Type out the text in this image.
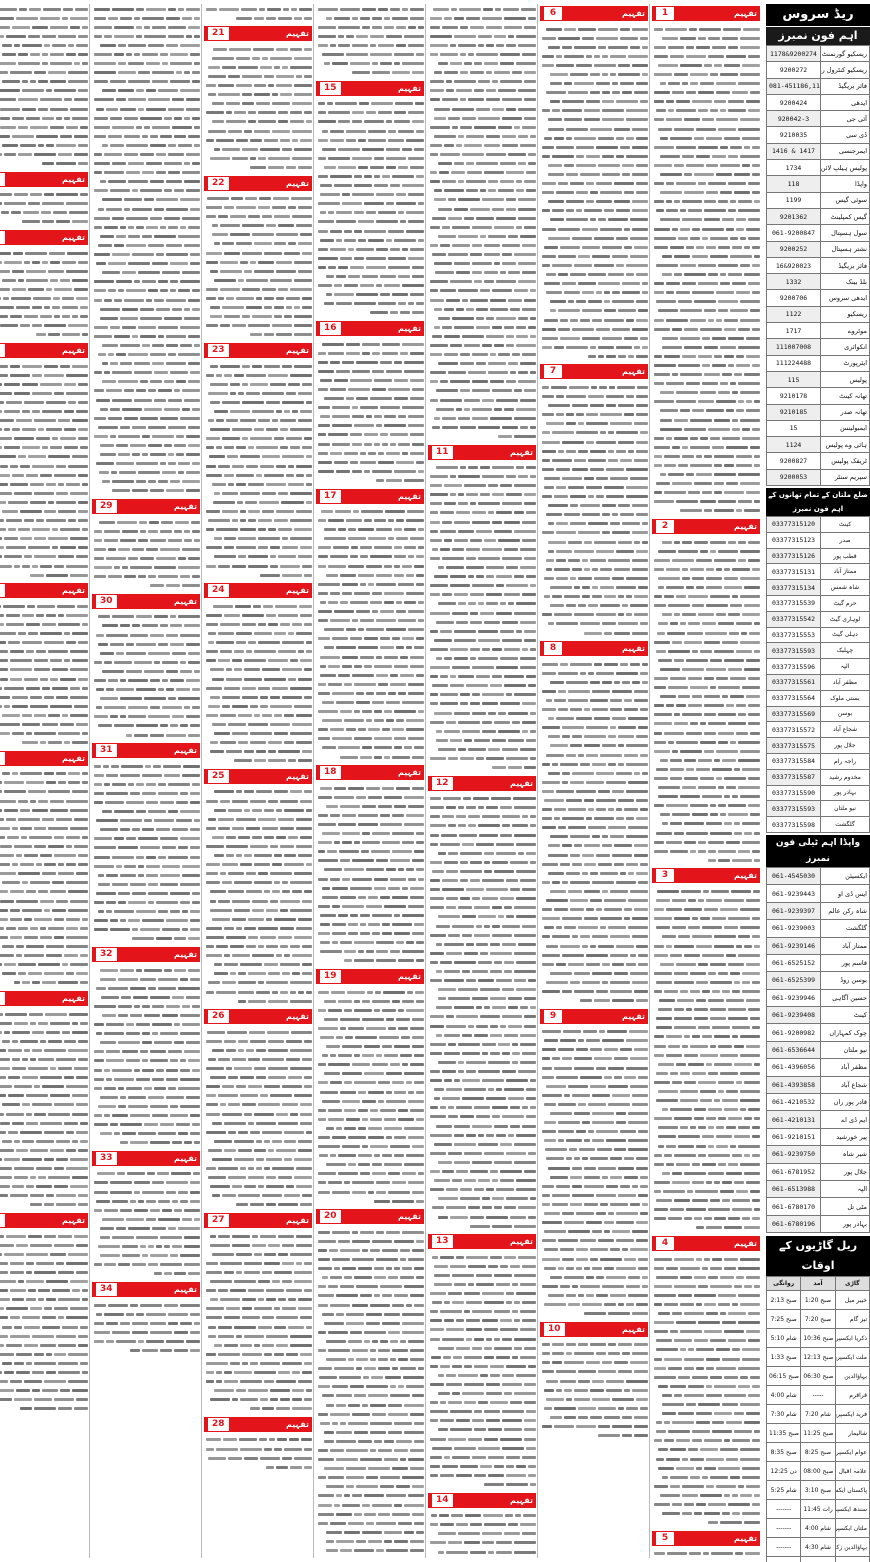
ریڈ سروس
اہم فون نمبرز
1178&9200274	ریسکیو گورنمنٹ
9200272	ریسکیو کنٹرول ر
081-451186,114	فائر بریگیڈ
9200424	ایدھی
920042-3	آئی جی
9210035	ڈی سی
1416 & 1417	ایمرجنسی
1734	پولیس ہیلپ لائن
118	واپڈا
1199	سوئی گیس
9201362	گیس کمپلینٹ
061-9200847	سول ہسپتال
9200252	نشتر ہسپتال
16&920023	فائر بریگیڈ
1332	بلڈ بینک
9200706	ایدھی سروس
1122	ریسکیو
1717	موٹروے
111007008	انکوائری
111224488	ایئرپورٹ
115	پولیس
9210178	تھانہ کینٹ
9210185	تھانہ صدر
15	ایمبولینس
1124	ہائی وے پولیس
9200827	ٹریفک پولیس
9200053	سپریم سنٹر
ضلع ملتان کے تمام تھانوں کے اہم فون نمبرز
03377315120	کینٹ
03377315123	صدر
03377315126	قطب پور
03377315131	ممتاز آباد
03377315134	شاہ شمس
03377315539	حرم گیٹ
03377315542	لوہاری گیٹ
03377315553	دہلی گیٹ
03377315593	چہلیک
03377315596	الپہ
03377315561	مظفر آباد
03377315564	بستی ملوک
03377315569	بوسن
03377315572	شجاع آباد
03377315575	جلال پور
03377315584	راجہ رام
03377315587	مخدوم رشید
03377315590	بہادر پور
03377315593	نیو ملتان
03377315598	گلگشت
واپڈا اہم ٹیلی فون نمبرز
061-4545030	ایکسیئن
061-9239443	ایس ڈی او
061-9239397	شاہ رکن عالم
061-9239003	گلگشت
061-9239146	ممتاز آباد
061-6525152	قاسم پور
061-6525399	بوسن روڈ
061-9239946	حسین آگاہی
061-9239408	کینٹ
061-9200982	چوک کمہاراں
061-6536644	نیو ملتان
061-4396056	مظفر آباد
061-4393858	شجاع آباد
061-4210532	قادر پور راں
061-4210131	ایم ڈی اے
061-9210151	پیر خورشید
061-9239750	شیر شاہ
061-6781952	جلال پور
061-6513988	الپہ
061-6780170	مٹی تل
061-6780196	بہادر پور
ریل گاڑیوں کے اوقات
روانگی	آمد	گاڑی
2:13 صبح	1:20 صبح	خیبر میل
7:25 صبح	7:20 صبح	تیز گام
5:10 شام	10:36 صبح	ذکریا ایکسپر
1:33 صبح	12:13 صبح	ملت ایکسپر
06:15 صبح	06:30 صبح	بہاؤالدین
4:00 شام	-----	قراقرم
7:30 شام	7:20 شام	فرید ایکسپر
11:35 صبح	11:25 صبح	شالیمار
8:35 صبح	8:25 صبح	عوام ایکسپر
12:25 دن	08:00 صبح	علامہ اقبال
5:25 شام	3:10 صبح	پاکستان ایک
-------	11:45 رات	سندھ ایکسپ
-------	4:00 شام	ملتان ایکسپر
-------	4:30 شام	بہاؤالدین زک

تفہیم
1
تفہیم
2
تفہیم
3
تفہیم
4
تفہیم
5
تفہیم
6
تفہیم
7
تفہیم
8
تفہیم
9
تفہیم
10
تفہیم
11
تفہیم
12
تفہیم
13
تفہیم
14
تفہیم
15
تفہیم
16
تفہیم
17
تفہیم
18
تفہیم
19
تفہیم
20
تفہیم
21
تفہیم
22
تفہیم
23
تفہیم
24
تفہیم
25
تفہیم
26
تفہیم
27
تفہیم
28
تفہیم
29
تفہیم
30
تفہیم
31
تفہیم
32
تفہیم
33
تفہیم
34
تفہیم
تفہیم
تفہیم
تفہیم
تفہیم
تفہیم
تفہیم
